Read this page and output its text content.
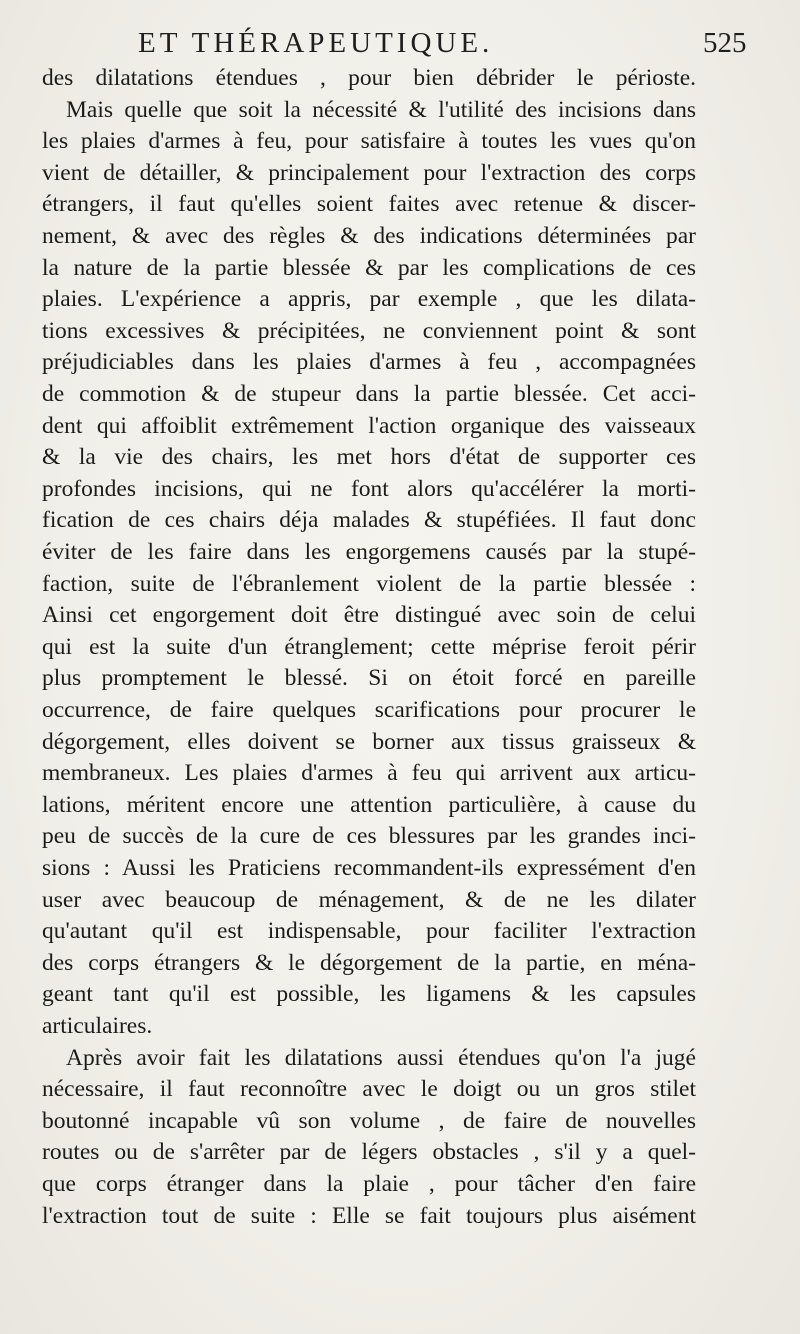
ET THÉRAPEUTIQUE.	525
des dilatations étendues , pour bien débrider le périoste.
Mais quelle que soit la nécessité & l'utilité des incisions dans
les plaies d'armes à feu, pour satisfaire à toutes les vues qu'on
vient de détailler, & principalement pour l'extraction des corps
étrangers, il faut qu'elles soient faites avec retenue & discer-
nement, & avec des règles & des indications déterminées par
la nature de la partie blessée & par les complications de ces
plaies. L'expérience a appris, par exemple , que les dilata-
tions excessives & précipitées, ne conviennent point & sont
préjudiciables dans les plaies d'armes à feu , accompagnées
de commotion & de stupeur dans la partie blessée. Cet acci-
dent qui affoiblit extrêmement l'action organique des vaisseaux
& la vie des chairs, les met hors d'état de supporter ces
profondes incisions, qui ne font alors qu'accélérer la morti-
fication de ces chairs déja malades & stupéfiées. Il faut donc
éviter de les faire dans les engorgemens causés par la stupé-
faction, suite de l'ébranlement violent de la partie blessée :
Ainsi cet engorgement doit être distingué avec soin de celui
qui est la suite d'un étranglement; cette méprise feroit périr
plus promptement le blessé. Si on étoit forcé en pareille
occurrence, de faire quelques scarifications pour procurer le
dégorgement, elles doivent se borner aux tissus graisseux &
membraneux. Les plaies d'armes à feu qui arrivent aux articu-
lations, méritent encore une attention particulière, à cause du
peu de succès de la cure de ces blessures par les grandes inci-
sions : Aussi les Praticiens recommandent-ils expressément d'en
user avec beaucoup de ménagement, & de ne les dilater
qu'autant qu'il est indispensable, pour faciliter l'extraction
des corps étrangers & le dégorgement de la partie, en ména-
geant tant qu'il est possible, les ligamens & les capsules
articulaires.
Après avoir fait les dilatations aussi étendues qu'on l'a jugé
nécessaire, il faut reconnoître avec le doigt ou un gros stilet
boutonné incapable vû son volume , de faire de nouvelles
routes ou de s'arrêter par de légers obstacles , s'il y a quel-
que corps étranger dans la plaie , pour tâcher d'en faire
l'extraction tout de suite : Elle se fait toujours plus aisément
